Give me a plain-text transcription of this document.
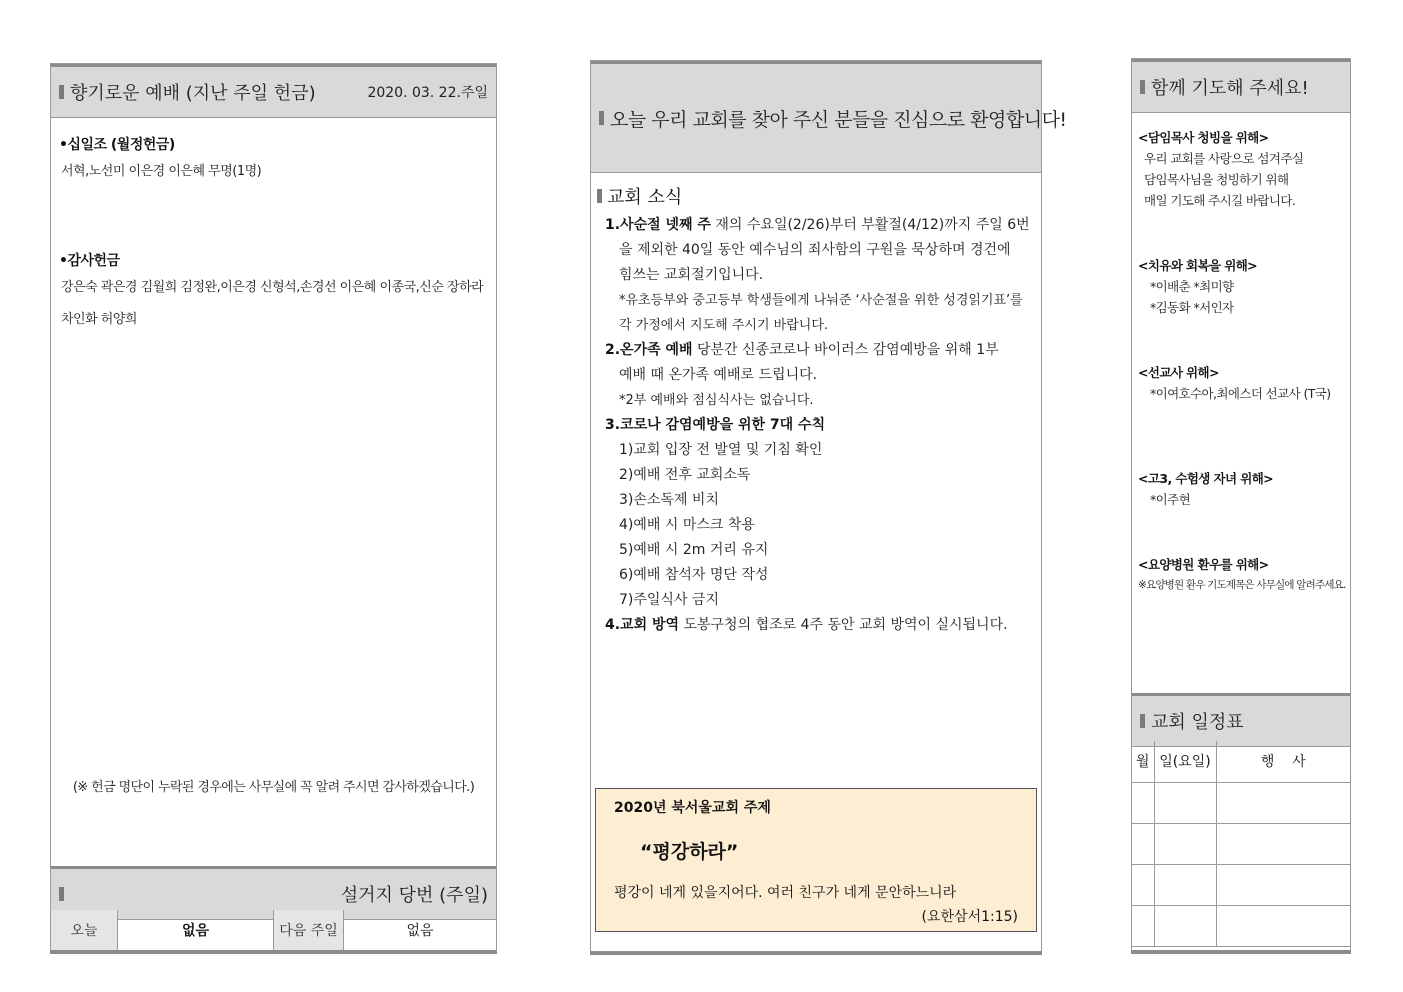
향기로운 예배 (지난 주일 헌금)	2020. 03. 22.주일
•십일조 (월정헌금)
서혁,노선미 이은경 이은혜 무명(1명)
•감사헌금
강은숙 곽은경 김월희 김정완,이은경 신형석,손경선 이은혜 이종국,신순 장하라
차인화 허양희
(※ 헌금 명단이 누락된 경우에는 사무실에 꼭 알려 주시면 감사하겠습니다.)
설거지 당번 (주일)
오늘	없음	다음 주일	없음
오늘 우리 교회를 찾아 주신 분들을 진심으로 환영합니다!
교회 소식
1.사순절 넷째 주 재의 수요일(2/26)부터 부활절(4/12)까지 주일 6번
을 제외한 40일 동안 예수님의 죄사함의 구원을 묵상하며 경건에
힘쓰는 교회절기입니다.
*유초등부와 중고등부 학생들에게 나눠준 ‘사순절을 위한 성경읽기표’를
각 가정에서 지도해 주시기 바랍니다.
2.온가족 예배 당분간 신종코로나 바이러스 감염예방을 위해 1부
예배 때 온가족 예배로 드립니다.
*2부 예배와 점심식사는 없습니다.
3.코로나 감염예방을 위한 7대 수칙
1)교회 입장 전 발열 및 기침 확인
2)예배 전후 교회소독
3)손소독제 비치
4)예배 시 마스크 착용
5)예배 시 2m 거리 유지
6)예배 참석자 명단 작성
7)주일식사 금지
4.교회 방역 도봉구청의 협조로 4주 동안 교회 방역이 실시됩니다.
2020년 북서울교회 주제
“평강하라”
평강이 네게 있을지어다. 여러 친구가 네게 문안하느니라
(요한삼서1:15)
함께 기도해 주세요!
<담임목사 청빙을 위해>
우리 교회를 사랑으로 섬겨주실
담임목사님을 청빙하기 위해
매일 기도해 주시길 바랍니다.
<치유와 회복을 위해>
*이배춘 *최미향
*김동화 *서인자
<선교사 위해>
*이여호수아,최에스더 선교사 (T국)
<고3, 수험생 자녀 위해>
*이주현
<요양병원 환우를 위해>
※요양병원 환우 기도제목은 사무실에 알려주세요.
교회 일정표
월	일(요일)	행    사
